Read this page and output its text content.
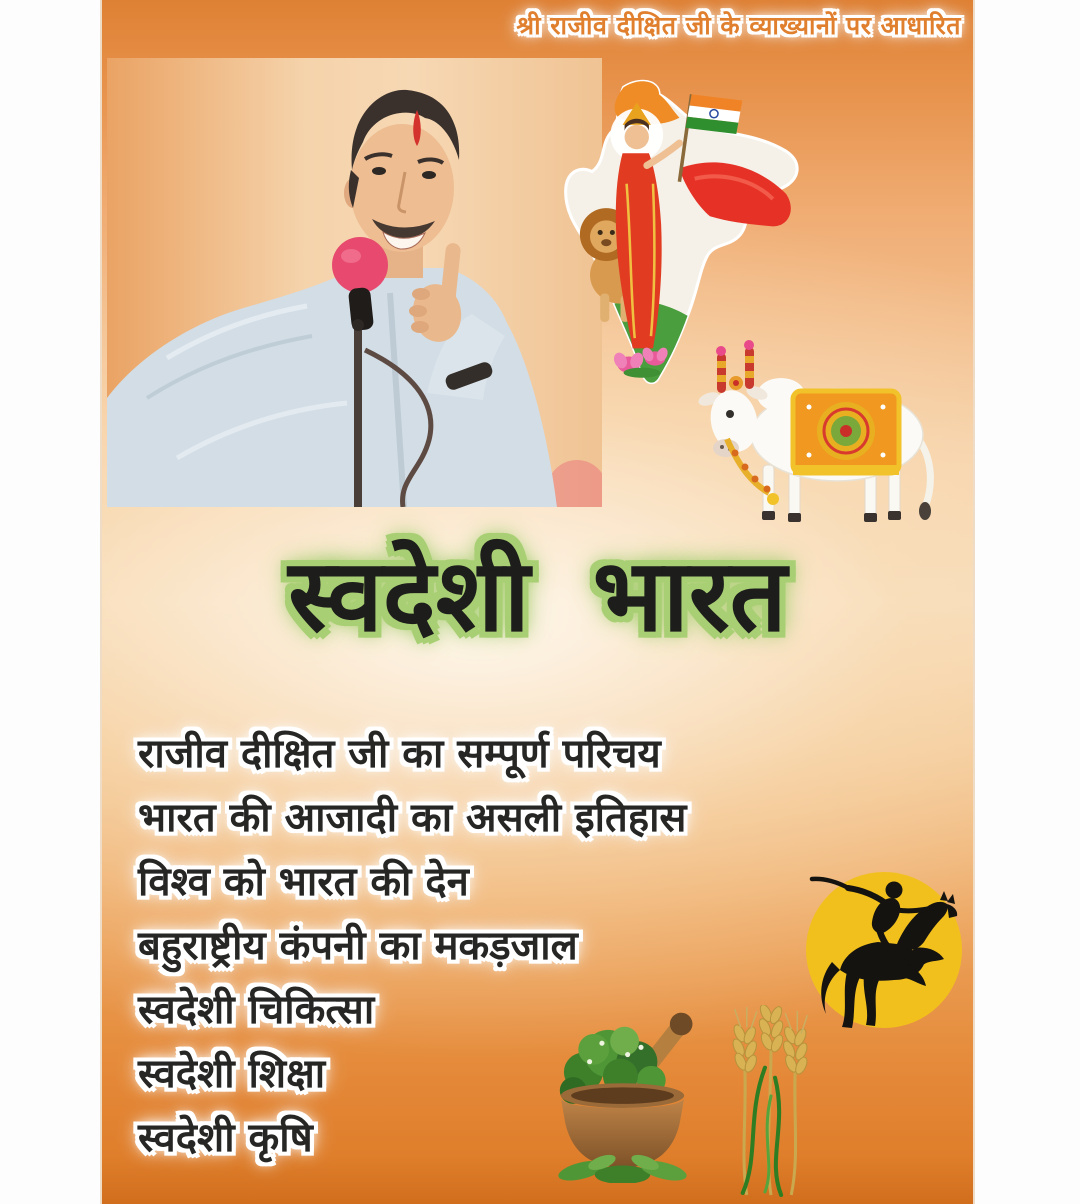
श्री राजीव दीक्षित जी के व्याख्यानों पर आधारित
स्वदेशी भारत
राजीव दीक्षित जी का सम्पूर्ण परिचय
भारत की आजादी का असली इतिहास
विश्व को भारत की देन
बहुराष्ट्रीय कंपनी का मकड़जाल
स्वदेशी चिकित्सा
स्वदेशी शिक्षा
स्वदेशी कृषि
